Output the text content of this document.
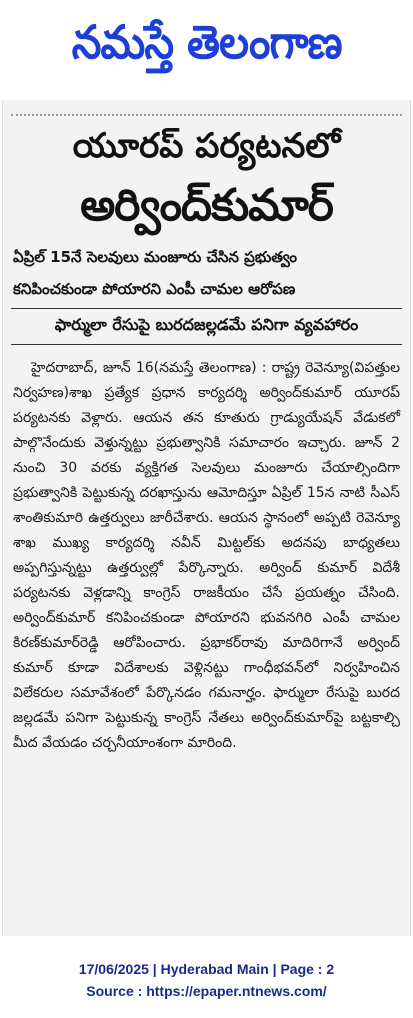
నమస్తే తెలంగాణ
యూరప్ పర్యటనలో
అర్వింద్‌కుమార్
ఏప్రిల్ 15నే సెలవులు మంజూరు చేసిన ప్రభుత్వం
కనిపించకుండా పోయారని ఎంపీ చామల ఆరోపణ
ఫార్ములా రేసుపై బురదజల్లడమే పనిగా వ్యవహారం

హైదరాబాద్, జూన్ 16(నమస్తే తెలంగాణ) : రాష్ట్ర రెవెన్యూ(విపత్తుల నిర్వహణ)శాఖ ప్రత్యేక ప్రధాన కార్యదర్శి అర్వింద్‌కుమార్ యూరప్ పర్యటనకు వెళ్లారు. ఆయన తన కూతురు గ్రాడ్యుయేషన్ వేడుకలో పాల్గొనేందుకు వెళ్తున్నట్టు ప్రభుత్వానికి సమాచారం ఇచ్చారు. జూన్ 2 నుంచి 30 వరకు వ్యక్తిగత సెలవులు మంజూరు చేయాల్సిందిగా ప్రభుత్వానికి పెట్టుకున్న దరఖాస్తును ఆమోదిస్తూ ఏప్రిల్ 15న నాటి సీఎస్ శాంతికుమారి ఉత్తర్వులు జారీచేశారు. ఆయన స్థానంలో అప్పటి రెవెన్యూ శాఖ ముఖ్య కార్యదర్శి నవీన్ మిట్టల్‌కు అదనపు బాధ్యతలు అప్పగిస్తున్నట్టు ఉత్తర్వుల్లో పేర్కొన్నారు. అర్వింద్ కుమార్ విదేశీ పర్యటనకు వెళ్లడాన్ని కాంగ్రెస్ రాజకీయం చేసే ప్రయత్నం చేసింది. అర్వింద్‌కుమార్ కనిపించకుండా పోయారని భువనగిరి ఎంపీ చామల కిరణ్‌కుమార్‌రెడ్డి ఆరోపించారు. ప్రభాకర్‌రావు మాదిరిగానే అర్వింద్ కుమార్ కూడా విదేశాలకు వెళ్లినట్టు గాంధీభవన్‌లో నిర్వహించిన విలేకరుల సమావేశంలో పేర్కొనడం గమనార్హం. ఫార్ములా రేసుపై బురద జల్లడమే పనిగా పెట్టుకున్న కాంగ్రెస్ నేతలు అర్వింద్‌కుమార్‌పై బట్టకాల్చి మీద వేయడం చర్చనీయాంశంగా మారింది.

17/06/2025 | Hyderabad Main | Page : 2
Source : https://epaper.ntnews.com/
